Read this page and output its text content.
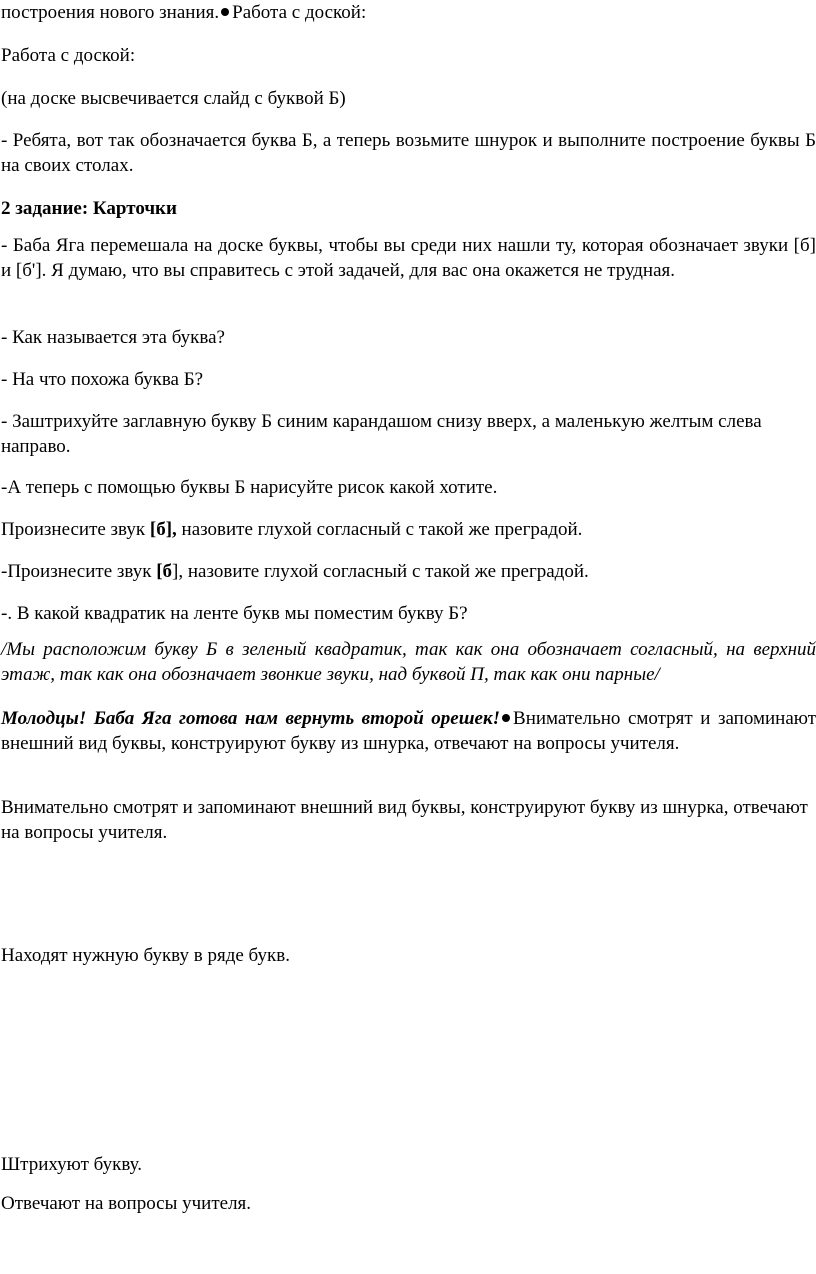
построения нового знания. Работа с доской:

Работа с доской:

(на доске высвечивается слайд с буквой Б)

- Ребята, вот так обозначается буква Б, а теперь возьмите шнурок и выполните построение буквы Б на своих столах.

2 задание: Карточки

- Баба Яга перемешала на доске буквы, чтобы вы среди них нашли ту, которая обозначает звуки [б] и [б']. Я думаю, что вы справитесь с этой задачей, для вас она окажется не трудная.

- Как называется эта буква?

- На что похожа буква Б?

- Заштрихуйте заглавную букву Б синим карандашом снизу вверх, а маленькую желтым слева направо.

-А теперь с помощью буквы Б нарисуйте рисок какой хотите.

Произнесите звук [б], назовите глухой согласный с такой же преградой.

-Произнесите звук [б], назовите глухой согласный с такой же преградой.

-. В какой квадратик на ленте букв мы поместим букву Б?

/Мы расположим букву Б в зеленый квадратик, так как она обозначает согласный, на верхний этаж, так как она обозначает звонкие звуки, над буквой П, так как они парные/

Молодцы! Баба Яга готова нам вернуть второй орешек! Внимательно смотрят и запоминают внешний вид буквы, конструируют букву из шнурка, отвечают на вопросы учителя.

Внимательно смотрят и запоминают внешний вид буквы, конструируют букву из шнурка, отвечают на вопросы учителя.

Находят нужную букву в ряде букв.

Штрихуют букву.

Отвечают на вопросы учителя.
